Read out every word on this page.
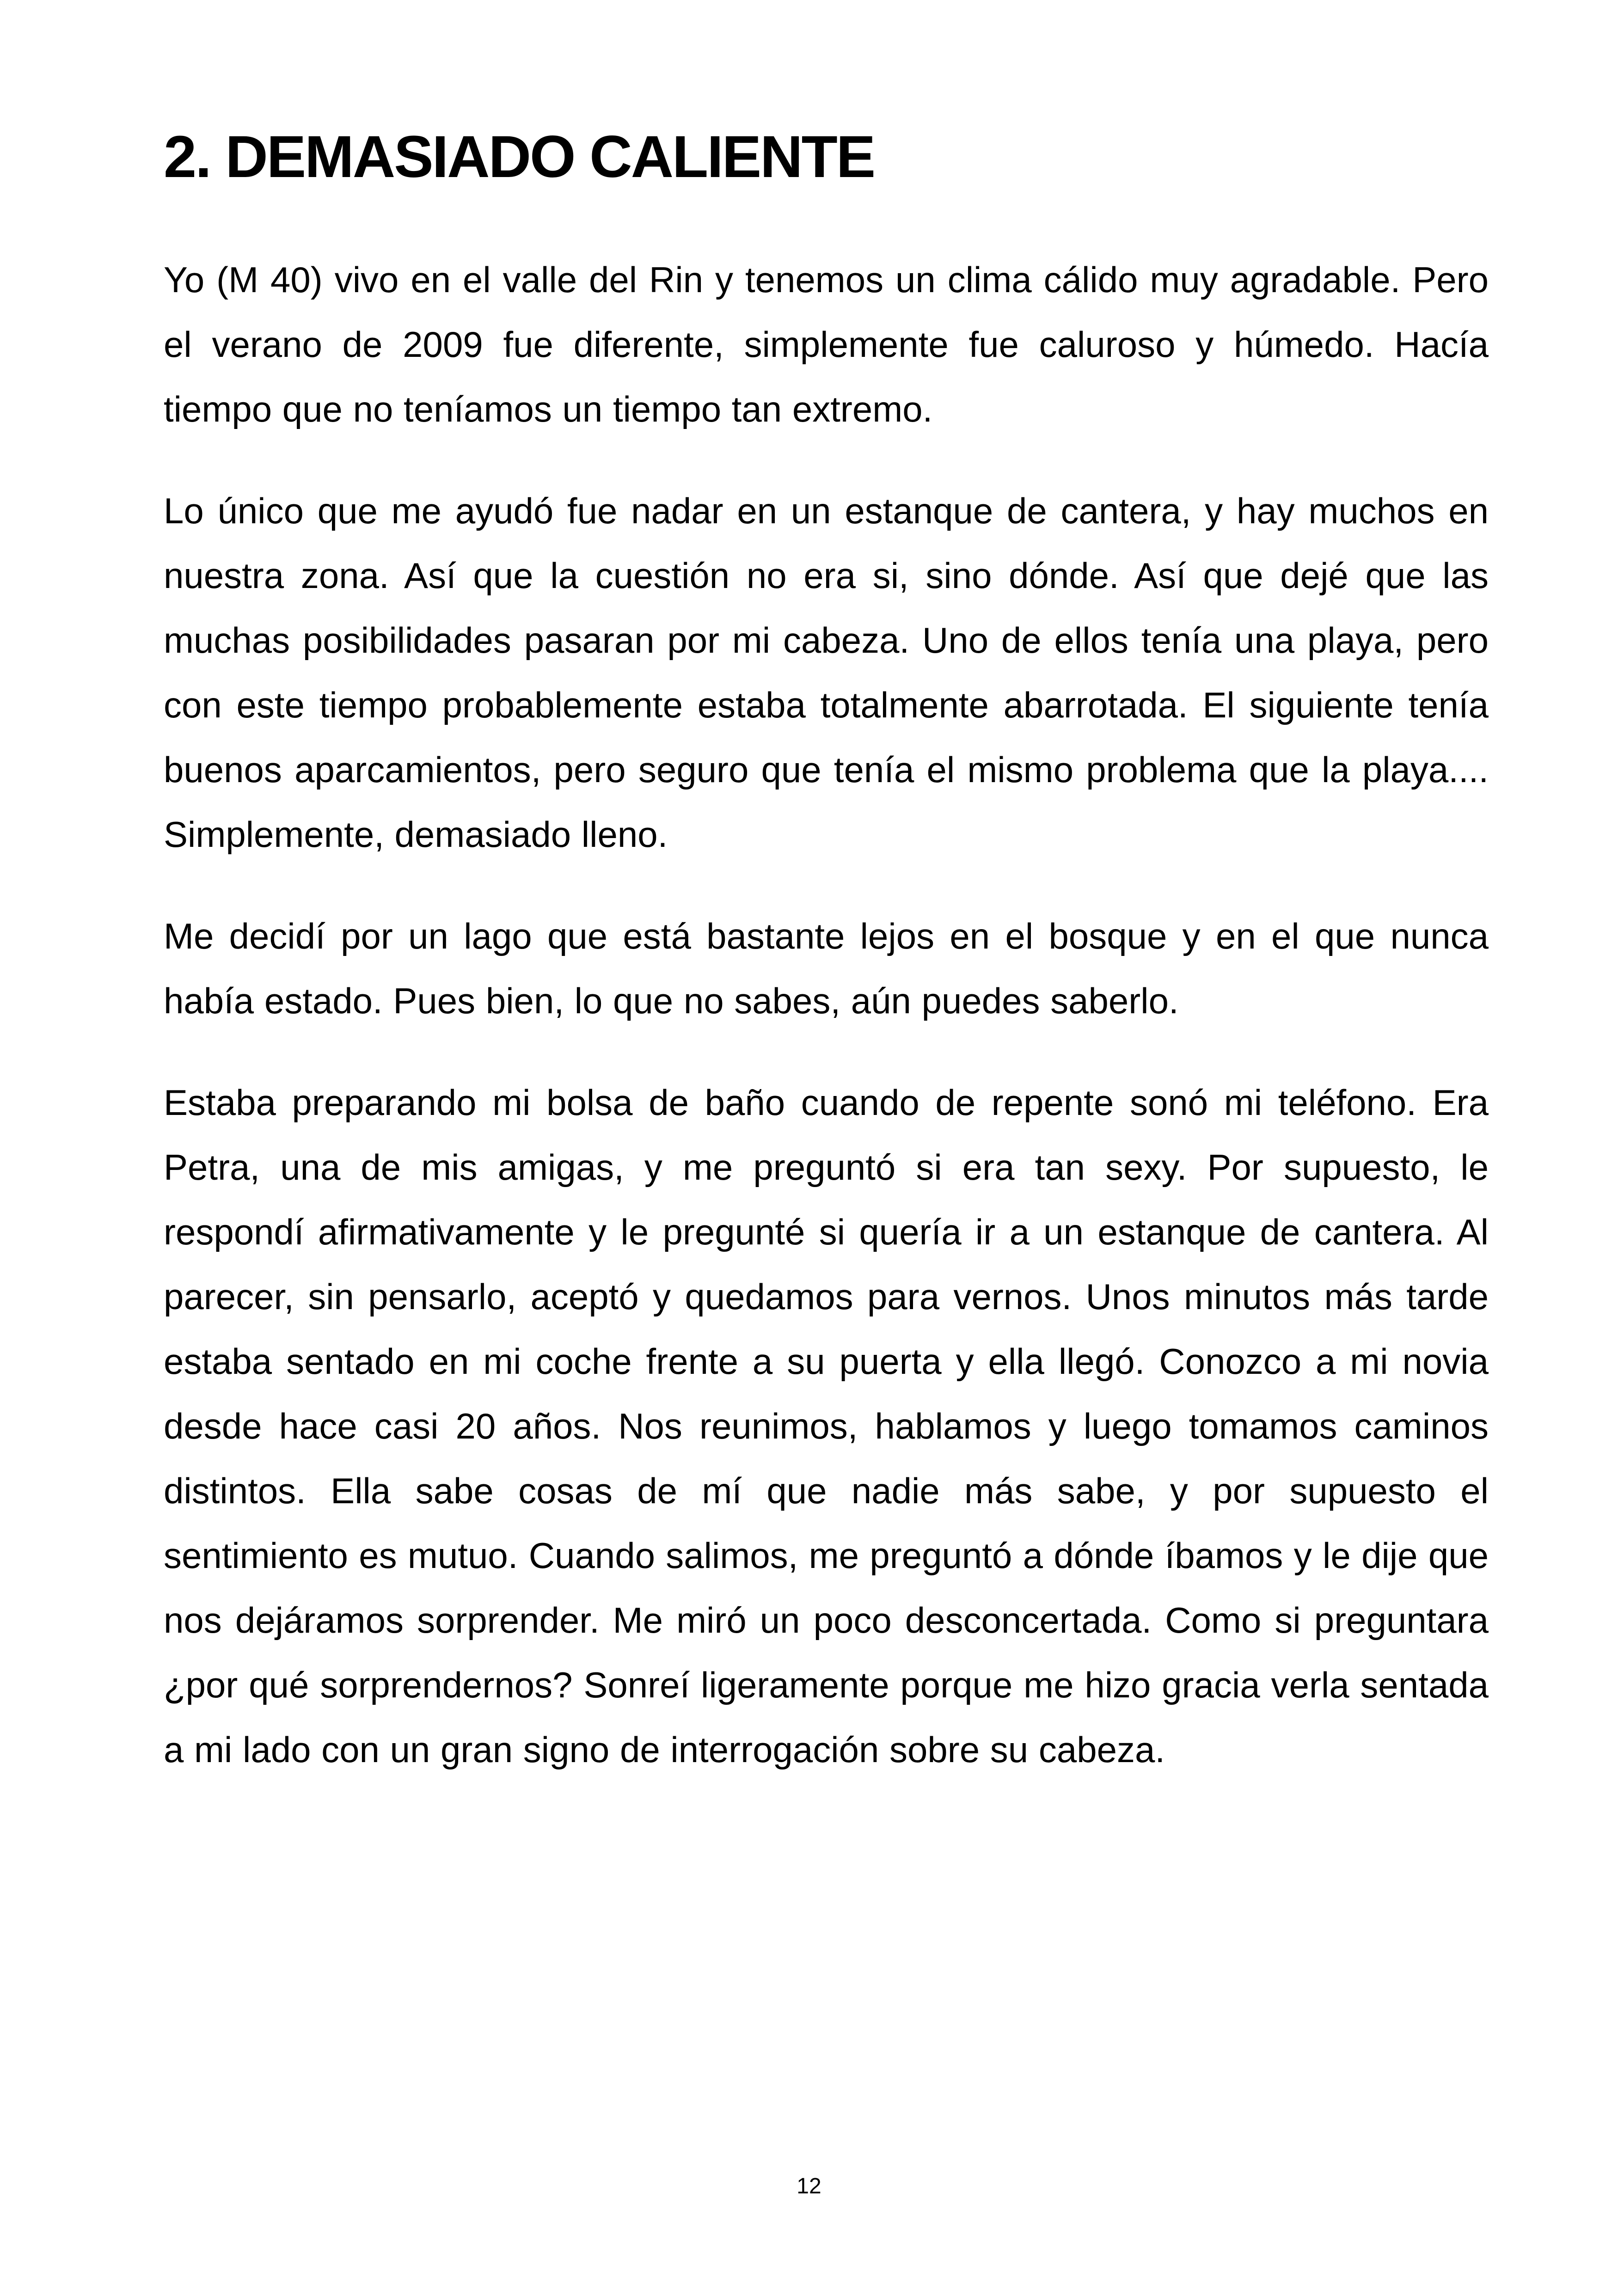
2. DEMASIADO CALIENTE

Yo (M 40) vivo en el valle del Rin y tenemos un clima cálido muy agradable. Pero el verano de 2009 fue diferente, simplemente fue caluroso y húmedo. Hacía tiempo que no teníamos un tiempo tan extremo.

Lo único que me ayudó fue nadar en un estanque de cantera, y hay muchos en nuestra zona. Así que la cuestión no era si, sino dónde. Así que dejé que las muchas posibilidades pasaran por mi cabeza. Uno de ellos tenía una playa, pero con este tiempo probablemente estaba totalmente abarrotada. El siguiente tenía buenos aparcamientos, pero seguro que tenía el mismo problema que la playa.... Simplemente, demasiado lleno.

Me decidí por un lago que está bastante lejos en el bosque y en el que nunca había estado. Pues bien, lo que no sabes, aún puedes saberlo.

Estaba preparando mi bolsa de baño cuando de repente sonó mi teléfono. Era Petra, una de mis amigas, y me preguntó si era tan sexy. Por supuesto, le respondí afirmativamente y le pregunté si quería ir a un estanque de cantera. Al parecer, sin pensarlo, aceptó y quedamos para vernos. Unos minutos más tarde estaba sentado en mi coche frente a su puerta y ella llegó. Conozco a mi novia desde hace casi 20 años. Nos reunimos, hablamos y luego tomamos caminos distintos. Ella sabe cosas de mí que nadie más sabe, y por supuesto el sentimiento es mutuo. Cuando salimos, me preguntó a dónde íbamos y le dije que nos dejáramos sorprender. Me miró un poco desconcertada. Como si preguntara ¿por qué sorprendernos? Sonreí ligeramente porque me hizo gracia verla sentada a mi lado con un gran signo de interrogación sobre su cabeza.

12
